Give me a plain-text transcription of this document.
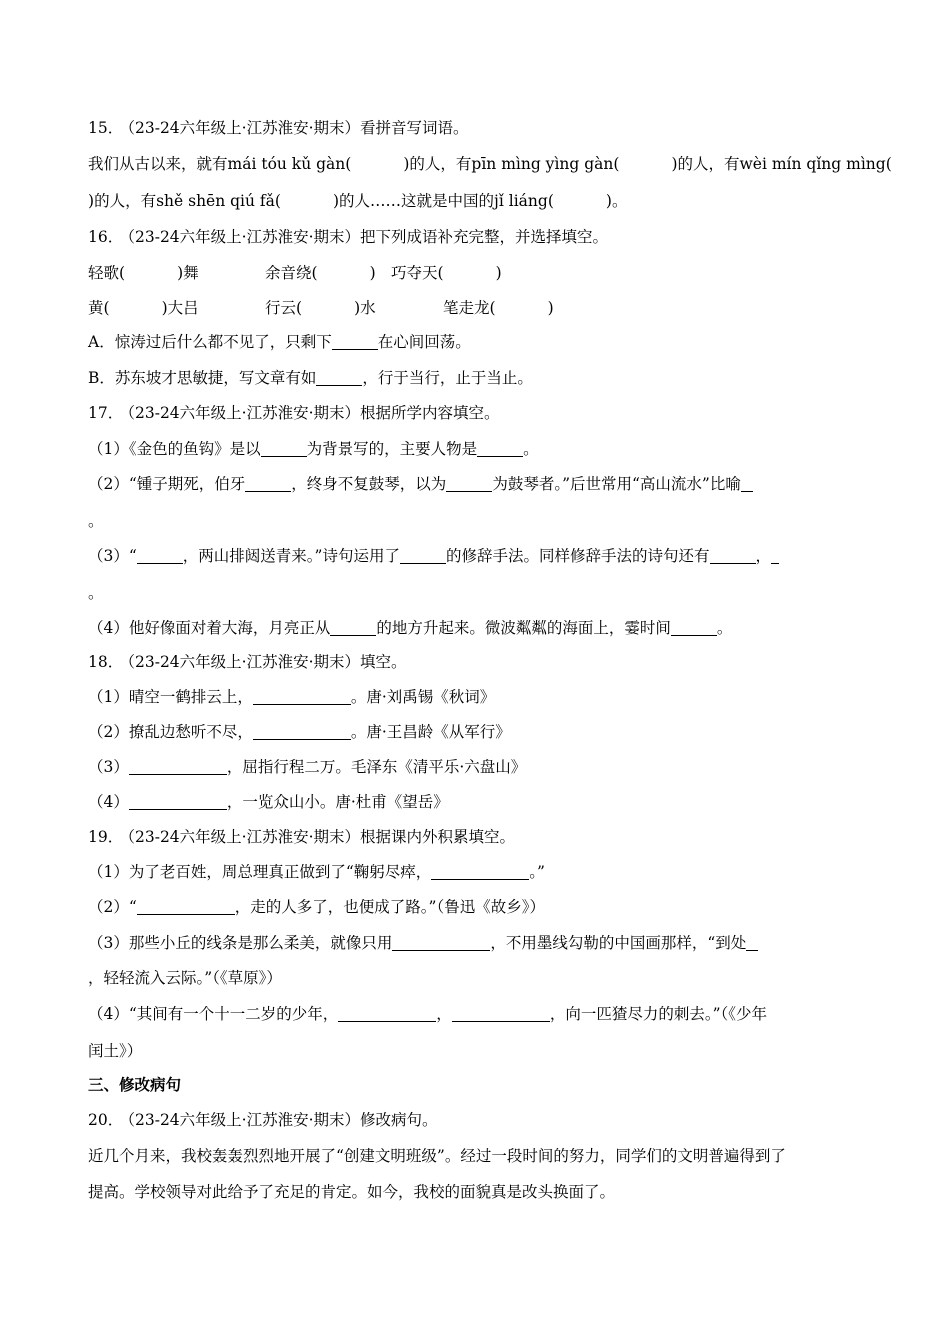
15． （23-24六年级上·江苏淮安·期末）看拼音写词语。
我们从古以来，就有mái tóu kǔ gàn(	)的人，有pīn mìng yìng gàn(	)的人，有wèi mín qǐng mìng(
)的人，有shě shēn qiú fǎ(	)的人……这就是中国的jǐ liáng(	)。
16． （23-24六年级上·江苏淮安·期末）把下列成语补充完整，并选择填空。
轻歌(	)舞	余音绕(	) 巧夺天(	)
黄(	)大吕	行云(	)水	笔走龙(	)
A．惊涛过后什么都不见了，只剩下	在心间回荡。
B．苏东坡才思敏捷，写文章有如	，行于当行，止于当止。
17． （23-24六年级上·江苏淮安·期末）根据所学内容填空。
（1）《金色的鱼钩》是以	为背景写的，主要人物是	。
（2）“锺子期死，伯牙	，终身不复鼓琴，以为	为鼓琴者。”后世常用“高山流水”比喻
。
（3）“	，两山排闼送青来。”诗句运用了	的修辞手法。同样修辞手法的诗句还有	，
。
（4）他好像面对着大海，月亮正从	的地方升起来。微波粼粼的海面上，霎时间	。
18． （23-24六年级上·江苏淮安·期末）填空。
（1）晴空一鹤排云上，	。唐·刘禹锡《秋词》
（2）撩乱边愁听不尽，	。唐·王昌龄《从军行》
（3）	，屈指行程二万。毛泽东《清平乐·六盘山》
（4）	，一览众山小。唐·杜甫《望岳》
19． （23-24六年级上·江苏淮安·期末）根据课内外积累填空。
（1）为了老百姓，周总理真正做到了“鞠躬尽瘁，	。”
（2）“	，走的人多了，也便成了路。”（鲁迅《故乡》）
（3）那些小丘的线条是那么柔美，就像只用	，不用墨线勾勒的中国画那样，“到处
，轻轻流入云际。”（《草原》）
（4）“其间有一个十一二岁的少年，	，	，向一匹猹尽力的刺去。”（《少年
闰土》）
三、修改病句
20． （23-24六年级上·江苏淮安·期末）修改病句。
近几个月来，我校轰轰烈烈地开展了“创建文明班级”。经过一段时间的努力，同学们的文明普遍得到了
提高。学校领导对此给予了充足的肯定。如今，我校的面貌真是改头换面了。
